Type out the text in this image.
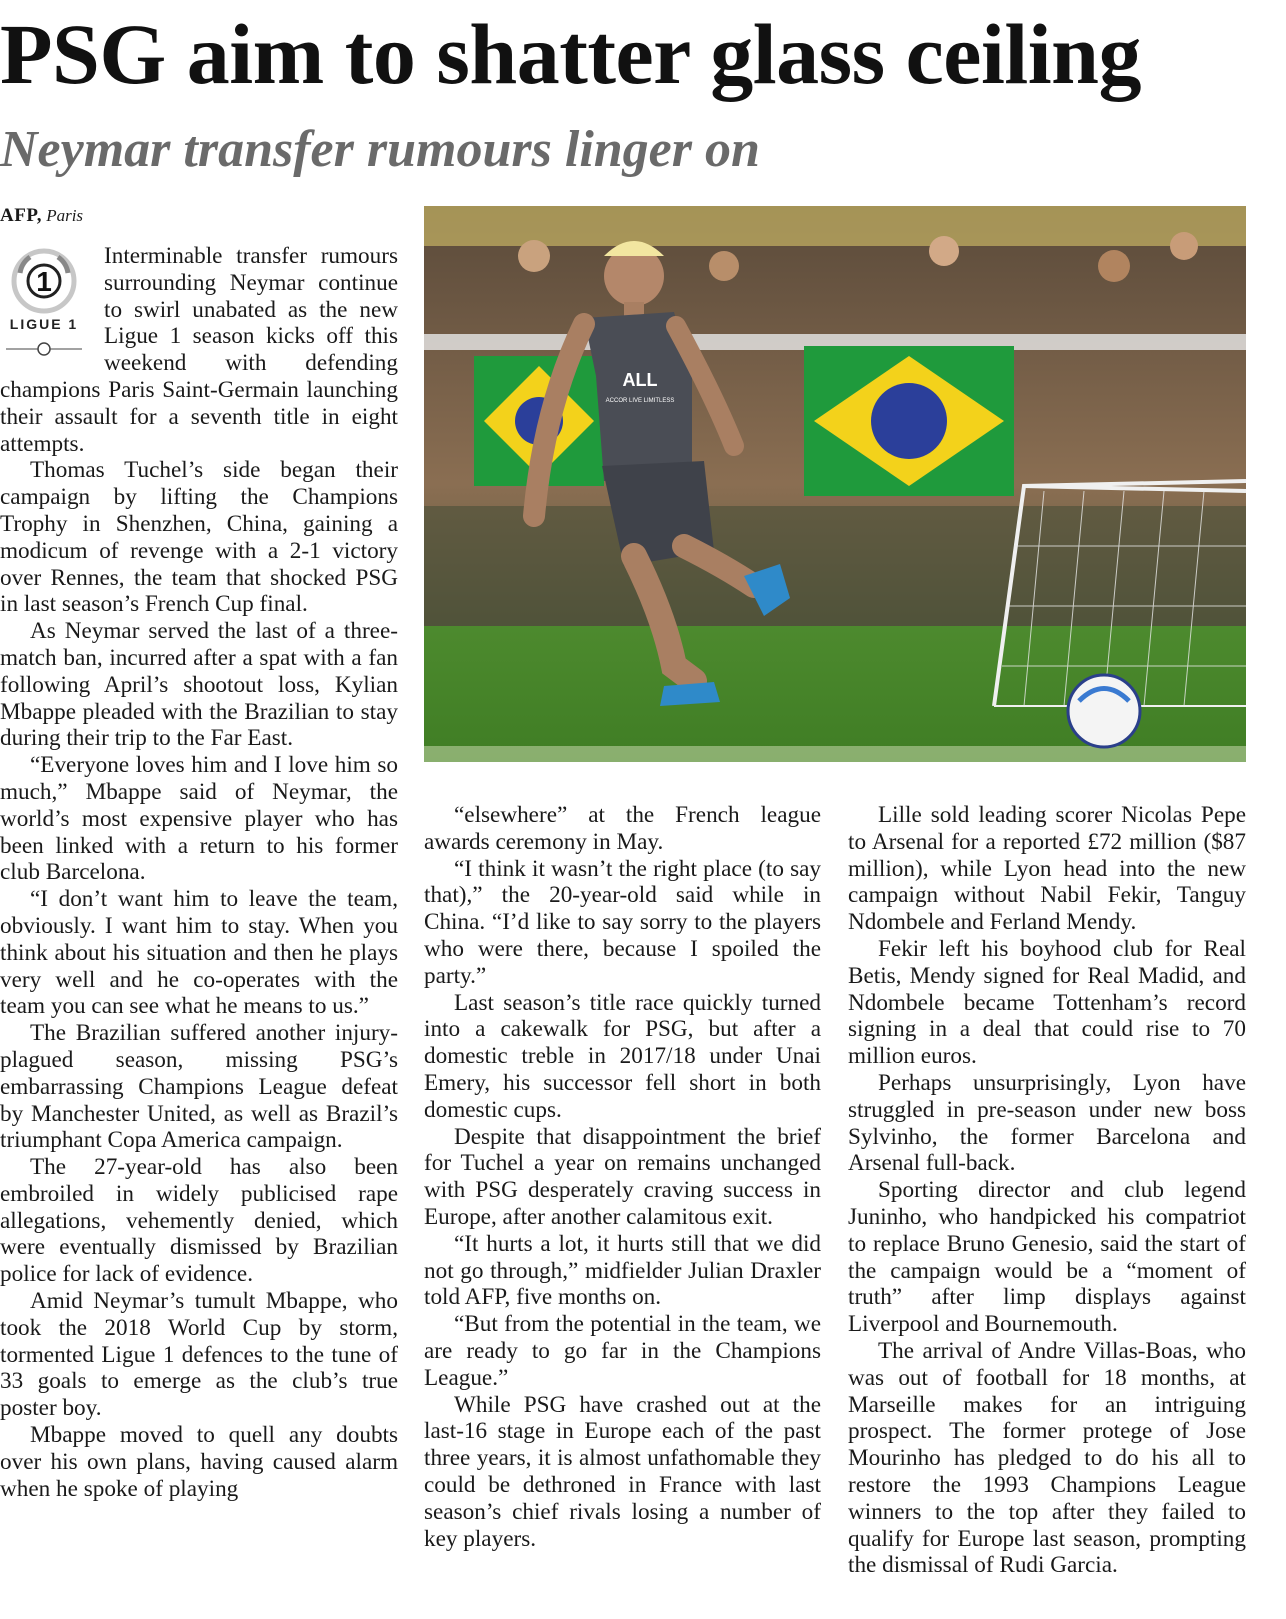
PSG aim to shatter glass ceiling
Neymar transfer rumours linger on
AFP, Paris
1
LIGUE 1

Interminable transfer rumours surrounding Neymar continue to swirl unabated as the new Ligue 1 season kicks off this weekend with defending champions Paris Saint-Germain launching their assault for a seventh title in eight attempts.

Thomas Tuchel’s side began their campaign by lifting the Champions Trophy in Shenzhen, China, gaining a modicum of revenge with a 2-1 victory over Rennes, the team that shocked PSG in last season’s French Cup final.

As Neymar served the last of a three-match ban, incurred after a spat with a fan following April’s shootout loss, Kylian Mbappe pleaded with the Brazilian to stay during their trip to the Far East.

“Everyone loves him and I love him so much,” Mbappe said of Neymar, the world’s most expensive player who has been linked with a return to his former club Barcelona.

“I don’t want him to leave the team, obviously. I want him to stay. When you think about his situation and then he plays very well and he co-operates with the team you can see what he means to us.”

The Brazilian suffered another injury-plagued season, missing PSG’s embarrassing Champions League defeat by Manchester United, as well as Brazil’s triumphant Copa America campaign.

The 27-year-old has also been embroiled in widely publicised rape allegations, vehemently denied, which were eventually dismissed by Brazilian police for lack of evidence.

Amid Neymar’s tumult Mbappe, who took the 2018 World Cup by storm, tormented Ligue 1 defences to the tune of 33 goals to emerge as the club’s true poster boy.

Mbappe moved to quell any doubts over his own plans, having caused alarm when he spoke of playing

ALL
ACCOR LIVE LIMITLESS

“elsewhere” at the French league awards ceremony in May.

“I think it wasn’t the right place (to say that),” the 20-year-old said while in China. “I’d like to say sorry to the players who were there, because I spoiled the party.”

Last season’s title race quickly turned into a cakewalk for PSG, but after a domestic treble in 2017/18 under Unai Emery, his successor fell short in both domestic cups.

Despite that disappointment the brief for Tuchel a year on remains unchanged with PSG desperately craving success in Europe, after another calamitous exit.

“It hurts a lot, it hurts still that we did not go through,” midfielder Julian Draxler told AFP, five months on.

“But from the potential in the team, we are ready to go far in the Champions League.”

While PSG have crashed out at the last-16 stage in Europe each of the past three years, it is almost unfathomable they could be dethroned in France with last season’s chief rivals losing a number of key players.

Lille sold leading scorer Nicolas Pepe to Arsenal for a reported £72 million ($87 million), while Lyon head into the new campaign without Nabil Fekir, Tanguy Ndombele and Ferland Mendy.

Fekir left his boyhood club for Real Betis, Mendy signed for Real Madid, and Ndombele became Tottenham’s record signing in a deal that could rise to 70 million euros.

Perhaps unsurprisingly, Lyon have struggled in pre-season under new boss Sylvinho, the former Barcelona and Arsenal full-back.

Sporting director and club legend Juninho, who handpicked his compatriot to replace Bruno Genesio, said the start of the campaign would be a “moment of truth” after limp displays against Liverpool and Bournemouth.

The arrival of Andre Villas-Boas, who was out of football for 18 months, at Marseille makes for an intriguing prospect. The former protege of Jose Mourinho has pledged to do his all to restore the 1993 Champions League winners to the top after they failed to qualify for Europe last season, prompting the dismissal of Rudi Garcia.
